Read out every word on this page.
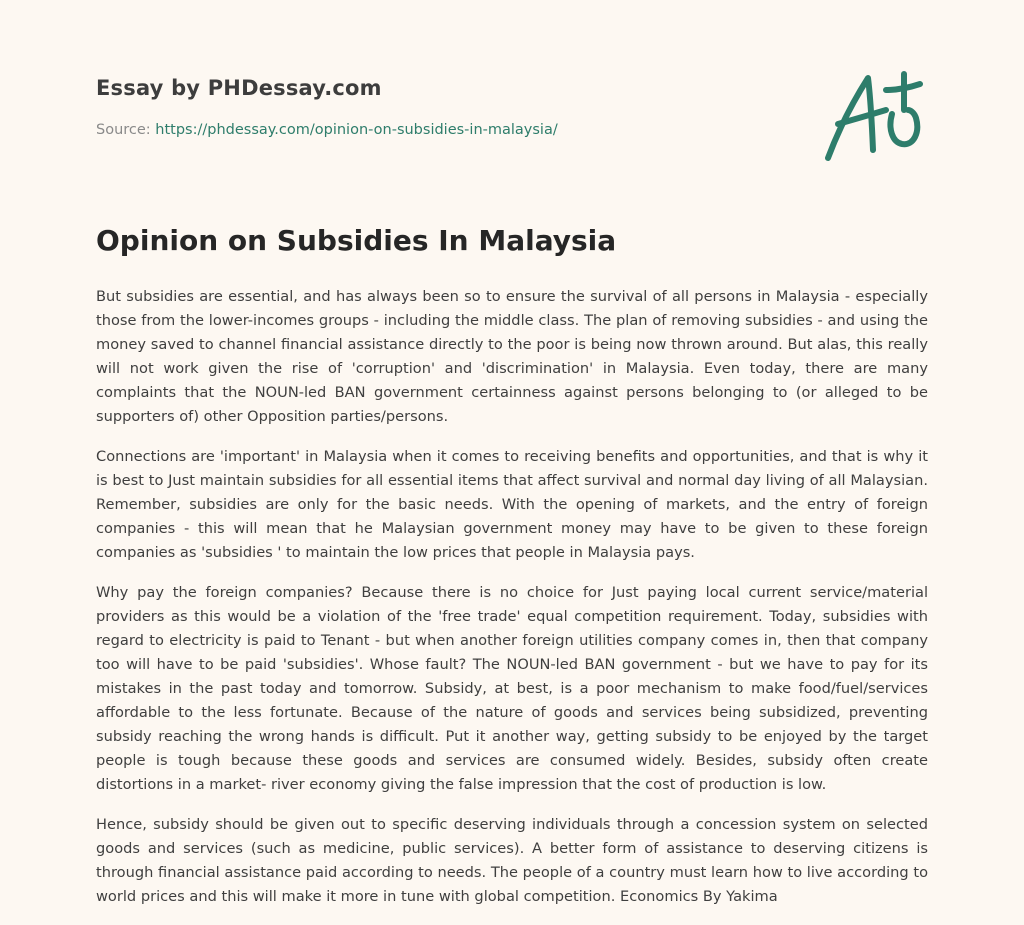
Essay by PHDessay.com
Source: https://phdessay.com/opinion-on-subsidies-in-malaysia/
Opinion on Subsidies In Malaysia

But subsidies are essential, and has always been so to ensure the survival of all persons in Malaysia - especially those from the lower-incomes groups - including the middle class. The plan of removing subsidies - and using the money saved to channel financial assistance directly to the poor is being now thrown around. But alas, this really will not work given the rise of 'corruption' and 'discrimination' in Malaysia. Even today, there are many complaints that the NOUN-led BAN government certainness against persons belonging to (or alleged to be supporters of) other Opposition parties/persons.

Connections are 'important' in Malaysia when it comes to receiving benefits and opportunities, and that is why it is best to Just maintain subsidies for all essential items that affect survival and normal day living of all Malaysian. Remember, subsidies are only for the basic needs. With the opening of markets, and the entry of foreign companies - this will mean that he Malaysian government money may have to be given to these foreign companies as 'subsidies ' to maintain the low prices that people in Malaysia pays.

Why pay the foreign companies? Because there is no choice for Just paying local current service/material providers as this would be a violation of the 'free trade' equal competition requirement. Today, subsidies with regard to electricity is paid to Tenant - but when another foreign utilities company comes in, then that company too will have to be paid 'subsidies'. Whose fault? The NOUN-led BAN government - but we have to pay for its mistakes in the past today and tomorrow. Subsidy, at best, is a poor mechanism to make food/fuel/services affordable to the less fortunate. Because of the nature of goods and services being subsidized, preventing subsidy reaching the wrong hands is difficult. Put it another way, getting subsidy to be enjoyed by the target people is tough because these goods and services are consumed widely. Besides, subsidy often create distortions in a market- river economy giving the false impression that the cost of production is low.

Hence, subsidy should be given out to specific deserving individuals through a concession system on selected goods and services (such as medicine, public services). A better form of assistance to deserving citizens is through financial assistance paid according to needs. The people of a country must learn how to live according to world prices and this will make it more in tune with global competition. Economics By Yakima
